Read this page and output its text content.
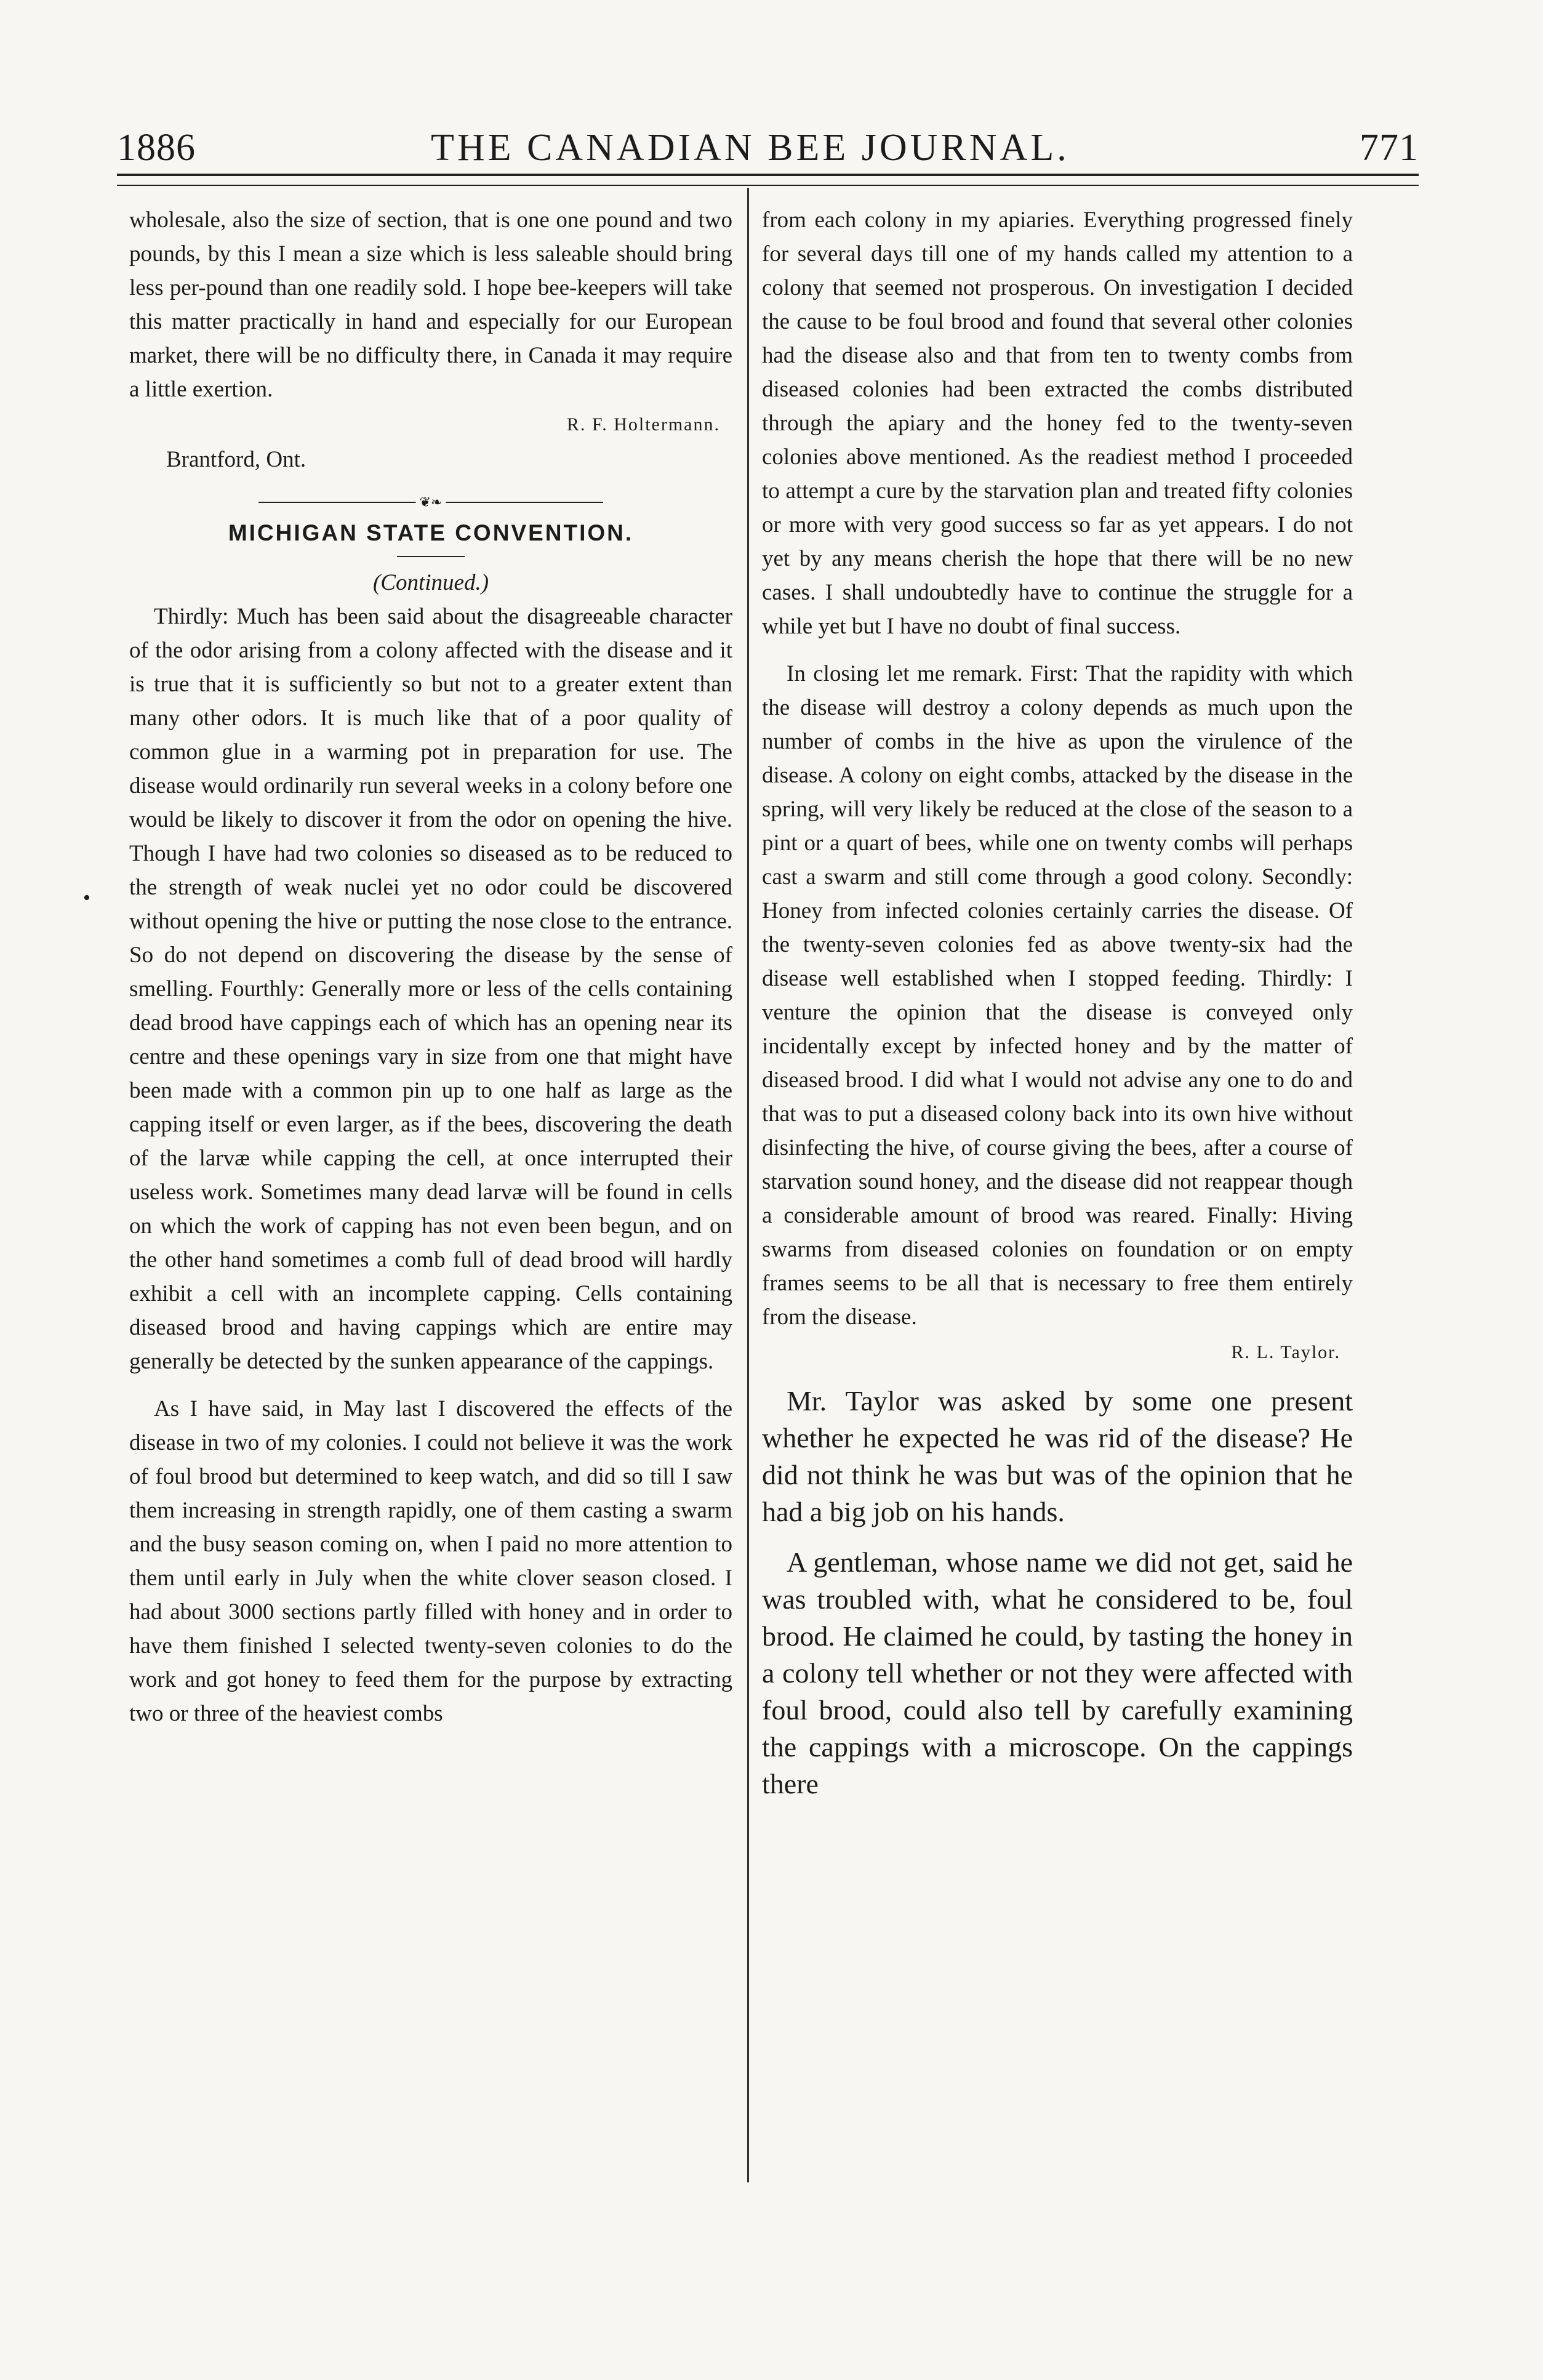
1886	THE CANADIAN BEE JOURNAL.	771
•

wholesale, also the size of section, that is one one pound and two pounds, by this I mean a size which is less saleable should bring less per-pound than one readily sold. I hope bee-keepers will take this matter practically in hand and especially for our European market, there will be no difficulty there, in Canada it may require a little exertion.

R. F. Holtermann.
Brantford, Ont.
❦❧
MICHIGAN STATE CONVENTION.
(Continued.)

Thirdly: Much has been said about the disagreeable character of the odor arising from a colony affected with the disease and it is true that it is sufficiently so but not to a greater extent than many other odors. It is much like that of a poor quality of common glue in a warming pot in preparation for use. The disease would ordinarily run several weeks in a colony before one would be likely to discover it from the odor on opening the hive. Though I have had two colonies so diseased as to be reduced to the strength of weak nuclei yet no odor could be discovered without opening the hive or putting the nose close to the entrance. So do not depend on discovering the disease by the sense of smelling. Fourthly: Generally more or less of the cells containing dead brood have cappings each of which has an opening near its centre and these openings vary in size from one that might have been made with a common pin up to one half as large as the capping itself or even larger, as if the bees, discovering the death of the larvæ while capping the cell, at once interrupted their useless work. Sometimes many dead larvæ will be found in cells on which the work of capping has not even been begun, and on the other hand sometimes a comb full of dead brood will hardly exhibit a cell with an incomplete capping. Cells containing diseased brood and having cappings which are entire may generally be detected by the sunken appearance of the cappings.

As I have said, in May last I discovered the effects of the disease in two of my colonies. I could not believe it was the work of foul brood but determined to keep watch, and did so till I saw them increasing in strength rapidly, one of them casting a swarm and the busy season coming on, when I paid no more attention to them until early in July when the white clover season closed. I had about 3000 sections partly filled with honey and in order to have them finished I selected twenty-seven colonies to do the work and got honey to feed them for the purpose by extracting two or three of the heaviest combs

from each colony in my apiaries. Everything progressed finely for several days till one of my hands called my attention to a colony that seemed not prosperous. On investigation I decided the cause to be foul brood and found that several other colonies had the disease also and that from ten to twenty combs from diseased colonies had been extracted the combs distributed through the apiary and the honey fed to the twenty-seven colonies above mentioned. As the readiest method I proceeded to attempt a cure by the starvation plan and treated fifty colonies or more with very good success so far as yet appears. I do not yet by any means cherish the hope that there will be no new cases. I shall undoubtedly have to continue the struggle for a while yet but I have no doubt of final success.

In closing let me remark. First: That the rapidity with which the disease will destroy a colony depends as much upon the number of combs in the hive as upon the virulence of the disease. A colony on eight combs, attacked by the disease in the spring, will very likely be reduced at the close of the season to a pint or a quart of bees, while one on twenty combs will perhaps cast a swarm and still come through a good colony. Secondly: Honey from infected colonies certainly carries the disease. Of the twenty-seven colonies fed as above twenty-six had the disease well established when I stopped feeding. Thirdly: I venture the opinion that the disease is conveyed only incidentally except by infected honey and by the matter of diseased brood. I did what I would not advise any one to do and that was to put a diseased colony back into its own hive without disinfecting the hive, of course giving the bees, after a course of starvation sound honey, and the disease did not reappear though a considerable amount of brood was reared. Finally: Hiving swarms from diseased colonies on foundation or on empty frames seems to be all that is necessary to free them entirely from the disease.

R. L. Taylor.

Mr. Taylor was asked by some one present whether he expected he was rid of the disease? He did not think he was but was of the opinion that he had a big job on his hands.

A gentleman, whose name we did not get, said he was troubled with, what he considered to be, foul brood. He claimed he could, by tasting the honey in a colony tell whether or not they were affected with foul brood, could also tell by carefully examining the cappings with a microscope. On the cappings there
